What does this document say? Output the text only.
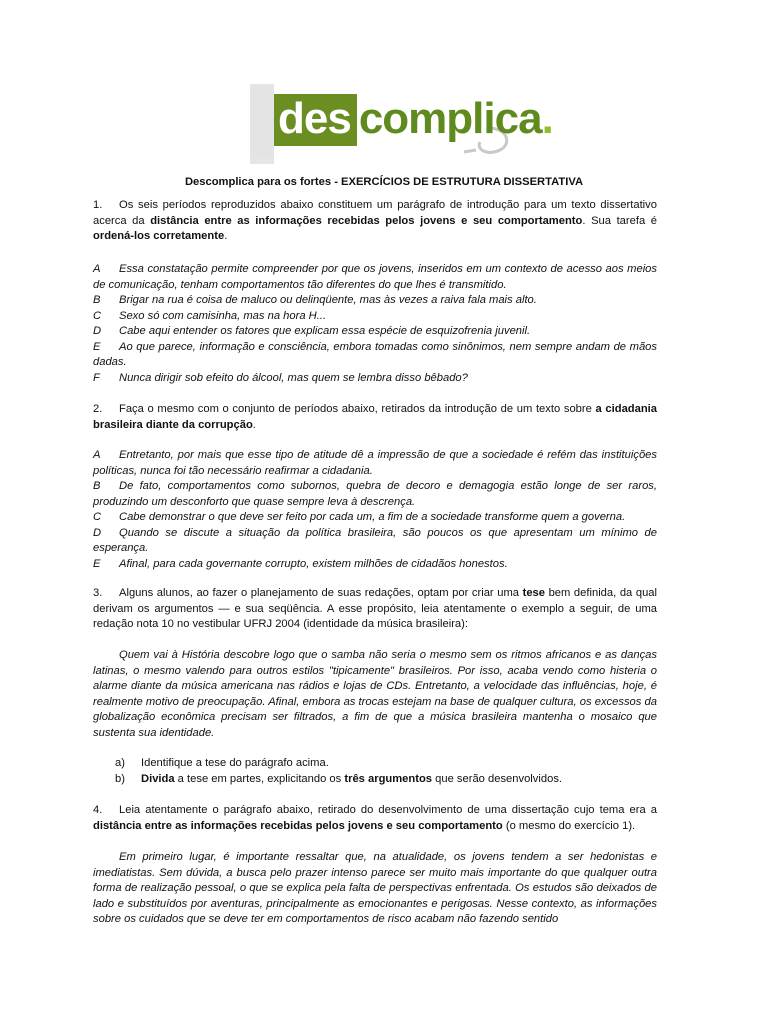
des complica.
Descomplica para os fortes - EXERCÍCIOS DE ESTRUTURA DISSERTATIVA
1. Os seis períodos reproduzidos abaixo constituem um parágrafo de introdução para um texto dissertativo acerca da distância entre as informações recebidas pelos jovens e seu comportamento. Sua tarefa é ordená-los corretamente.
A Essa constatação permite compreender por que os jovens, inseridos em um contexto de acesso aos meios de comunicação, tenham comportamentos tão diferentes do que lhes é transmitido.
B Brigar na rua é coisa de maluco ou delinqüente, mas às vezes a raiva fala mais alto.
C Sexo só com camisinha, mas na hora H...
D Cabe aqui entender os fatores que explicam essa espécie de esquizofrenia juvenil.
E Ao que parece, informação e consciência, embora tomadas como sinônimos, nem sempre andam de mãos dadas.
F Nunca dirigir sob efeito do álcool, mas quem se lembra disso bêbado?
2. Faça o mesmo com o conjunto de períodos abaixo, retirados da introdução de um texto sobre a cidadania brasileira diante da corrupção.
A Entretanto, por mais que esse tipo de atitude dê a impressão de que a sociedade é refém das instituições políticas, nunca foi tão necessário reafirmar a cidadania.
B De fato, comportamentos como subornos, quebra de decoro e demagogia estão longe de ser raros, produzindo um desconforto que quase sempre leva à descrença.
C Cabe demonstrar o que deve ser feito por cada um, a fim de a sociedade transforme quem a governa.
D Quando se discute a situação da política brasileira, são poucos os que apresentam um mínimo de esperança.
E Afinal, para cada governante corrupto, existem milhões de cidadãos honestos.
3. Alguns alunos, ao fazer o planejamento de suas redações, optam por criar uma tese bem definida, da qual derivam os argumentos — e sua seqüência. A esse propósito, leia atentamente o exemplo a seguir, de uma redação nota 10 no vestibular UFRJ 2004 (identidade da música brasileira):
Quem vai à História descobre logo que o samba não seria o mesmo sem os ritmos africanos e as danças latinas, o mesmo valendo para outros estilos "tipicamente" brasileiros. Por isso, acaba vendo como histeria o alarme diante da música americana nas rádios e lojas de CDs. Entretanto, a velocidade das influências, hoje, é realmente motivo de preocupação. Afinal, embora as trocas estejam na base de qualquer cultura, os excessos da globalização econômica precisam ser filtrados, a fim de que a música brasileira mantenha o mosaico que sustenta sua identidade.
a) Identifique a tese do parágrafo acima.
b) Divida a tese em partes, explicitando os três argumentos que serão desenvolvidos.
4. Leia atentamente o parágrafo abaixo, retirado do desenvolvimento de uma dissertação cujo tema era a distância entre as informações recebidas pelos jovens e seu comportamento (o mesmo do exercício 1).
Em primeiro lugar, é importante ressaltar que, na atualidade, os jovens tendem a ser hedonistas e imediatistas. Sem dúvida, a busca pelo prazer intenso parece ser muito mais importante do que qualquer outra forma de realização pessoal, o que se explica pela falta de perspectivas enfrentada. Os estudos são deixados de lado e substituídos por aventuras, principalmente as emocionantes e perigosas. Nesse contexto, as informações sobre os cuidados que se deve ter em comportamentos de risco acabam não fazendo sentido
